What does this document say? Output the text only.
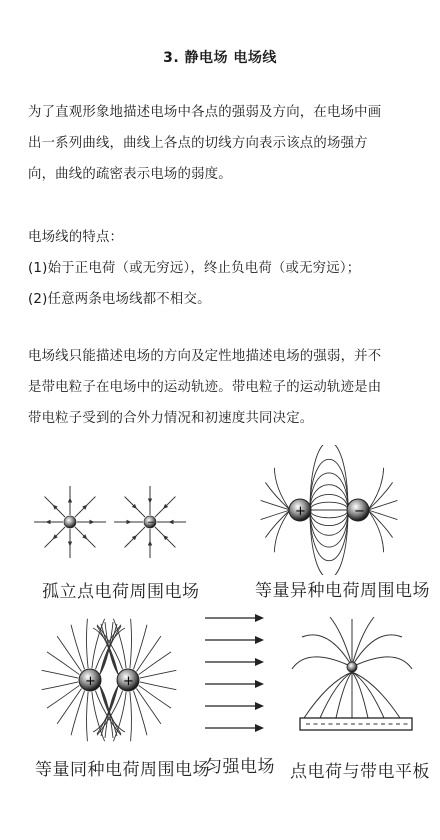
3. 静电场 电场线
为了直观形象地描述电场中各点的强弱及方向，在电场中画
出一系列曲线，曲线上各点的切线方向表示该点的场强方
向，曲线的疏密表示电场的弱度。
电场线的特点：
(1)始于正电荷（或无穷远），终止负电荷（或无穷远）；
(2)任意两条电场线都不相交。
电场线只能描述电场的方向及定性地描述电场的强弱，并不
是带电粒子在电场中的运动轨迹。带电粒子的运动轨迹是由
带电粒子受到的合外力情况和初速度共同决定。
−
孤立点电荷周围电场
+	−
等量异种电荷周围电场
+ +
等量同种电荷周围电场
匀强电场 点电荷与带电平板
